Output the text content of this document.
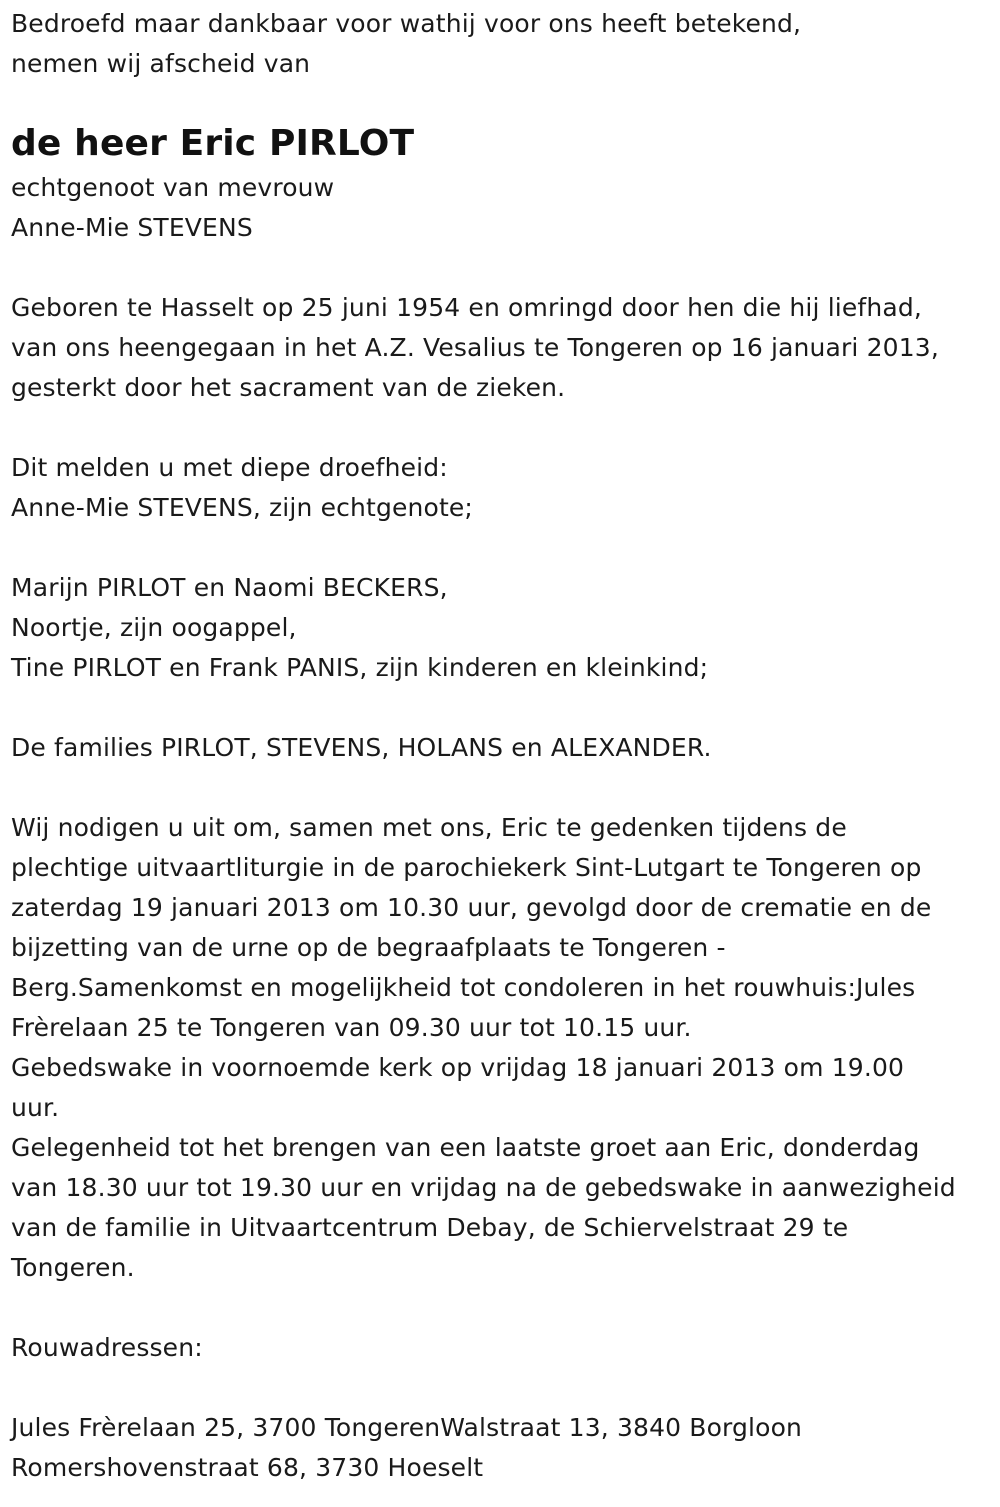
Bedroefd maar dankbaar voor wathij voor ons heeft betekend,
nemen wij afscheid van
de heer Eric PIRLOT
echtgenoot van mevrouw
Anne-Mie STEVENS
Geboren te Hasselt op 25 juni 1954 en omringd door hen die hij liefhad,
van ons heengegaan in het A.Z. Vesalius te Tongeren op 16 januari 2013,
gesterkt door het sacrament van de zieken.
Dit melden u met diepe droefheid:
Anne-Mie STEVENS, zijn echtgenote;
Marijn PIRLOT en Naomi BECKERS,
Noortje, zijn oogappel,
Tine PIRLOT en Frank PANIS, zijn kinderen en kleinkind;
De families PIRLOT, STEVENS, HOLANS en ALEXANDER.
Wij nodigen u uit om, samen met ons, Eric te gedenken tijdens de
plechtige uitvaartliturgie in de parochiekerk Sint-Lutgart te Tongeren op
zaterdag 19 januari 2013 om 10.30 uur, gevolgd door de crematie en de
bijzetting van de urne op de begraafplaats te Tongeren -
Berg.Samenkomst en mogelijkheid tot condoleren in het rouwhuis:Jules
Frèrelaan 25 te Tongeren van 09.30 uur tot 10.15 uur.
Gebedswake in voornoemde kerk op vrijdag 18 januari 2013 om 19.00
uur.
Gelegenheid tot het brengen van een laatste groet aan Eric, donderdag
van 18.30 uur tot 19.30 uur en vrijdag na de gebedswake in aanwezigheid
van de familie in Uitvaartcentrum Debay, de Schiervelstraat 29 te
Tongeren.
Rouwadressen:
Jules Frèrelaan 25, 3700 TongerenWalstraat 13, 3840 Borgloon
Romershovenstraat 68, 3730 Hoeselt
